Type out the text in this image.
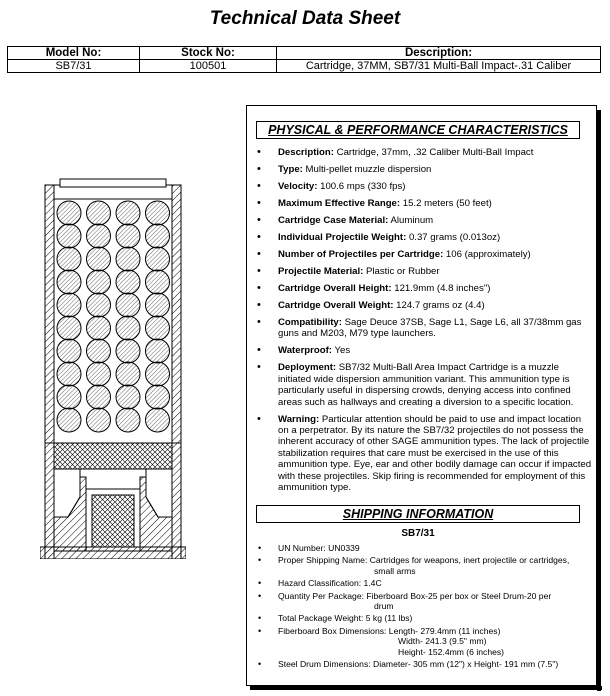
Technical Data Sheet
Model No:	Stock No:	Description:
SB7/31	100501	Cartridge, 37MM, SB7/31 Multi-Ball Impact-.31 Caliber
PHYSICAL & PERFORMANCE CHARACTERISTICS
• Description: Cartridge, 37mm, .32 Caliber Multi-Ball Impact
• Type: Multi-pellet muzzle dispersion
• Velocity: 100.6 mps (330 fps)
• Maximum Effective Range: 15.2 meters (50 feet)
• Cartridge Case Material: Aluminum
• Individual Projectile Weight: 0.37 grams (0.013oz)
• Number of Projectiles per Cartridge: 106 (approximately)
• Projectile Material: Plastic or Rubber
• Cartridge Overall Height: 121.9mm (4.8 inches")
• Cartridge Overall Weight: 124.7 grams oz (4.4)
• Compatibility: Sage Deuce 37SB, Sage L1, Sage L6, all 37/38mm gas guns and M203, M79 type launchers.
• Waterproof: Yes
• Deployment: SB7/32 Multi-Ball Area Impact Cartridge is a muzzle initiated wide dispersion ammunition variant. This ammunition type is particularly useful in dispersing crowds, denying access into confined areas such as hallways and creating a diversion to a specific location.
• Warning: Particular attention should be paid to use and impact location on a perpetrator. By its nature the SB7/32 projectiles do not possess the inherent accuracy of other SAGE ammunition types. The lack of projectile stabilization requires that care must be exercised in the use of this ammunition type. Eye, ear and other bodily damage can occur if impacted with these projectiles. Skip firing is recommended for employment of this ammunition type.
SHIPPING INFORMATION
SB7/31
• UN Number: UN0339
• Proper Shipping Name: Cartridges for weapons, inert projectile or cartridges,
small arms
• Hazard Classification: 1.4C
• Quantity Per Package: Fiberboard Box-25 per box or Steel Drum-20 per
drum
• Total Package Weight: 5 kg (11 lbs)
• Fiberboard Box Dimensions: Length- 279.4mm (11 inches)
Width- 241.3 (9.5" mm)
Height- 152.4mm (6 inches)
• Steel Drum Dimensions: Diameter- 305 mm (12") x Height- 191 mm (7.5")
